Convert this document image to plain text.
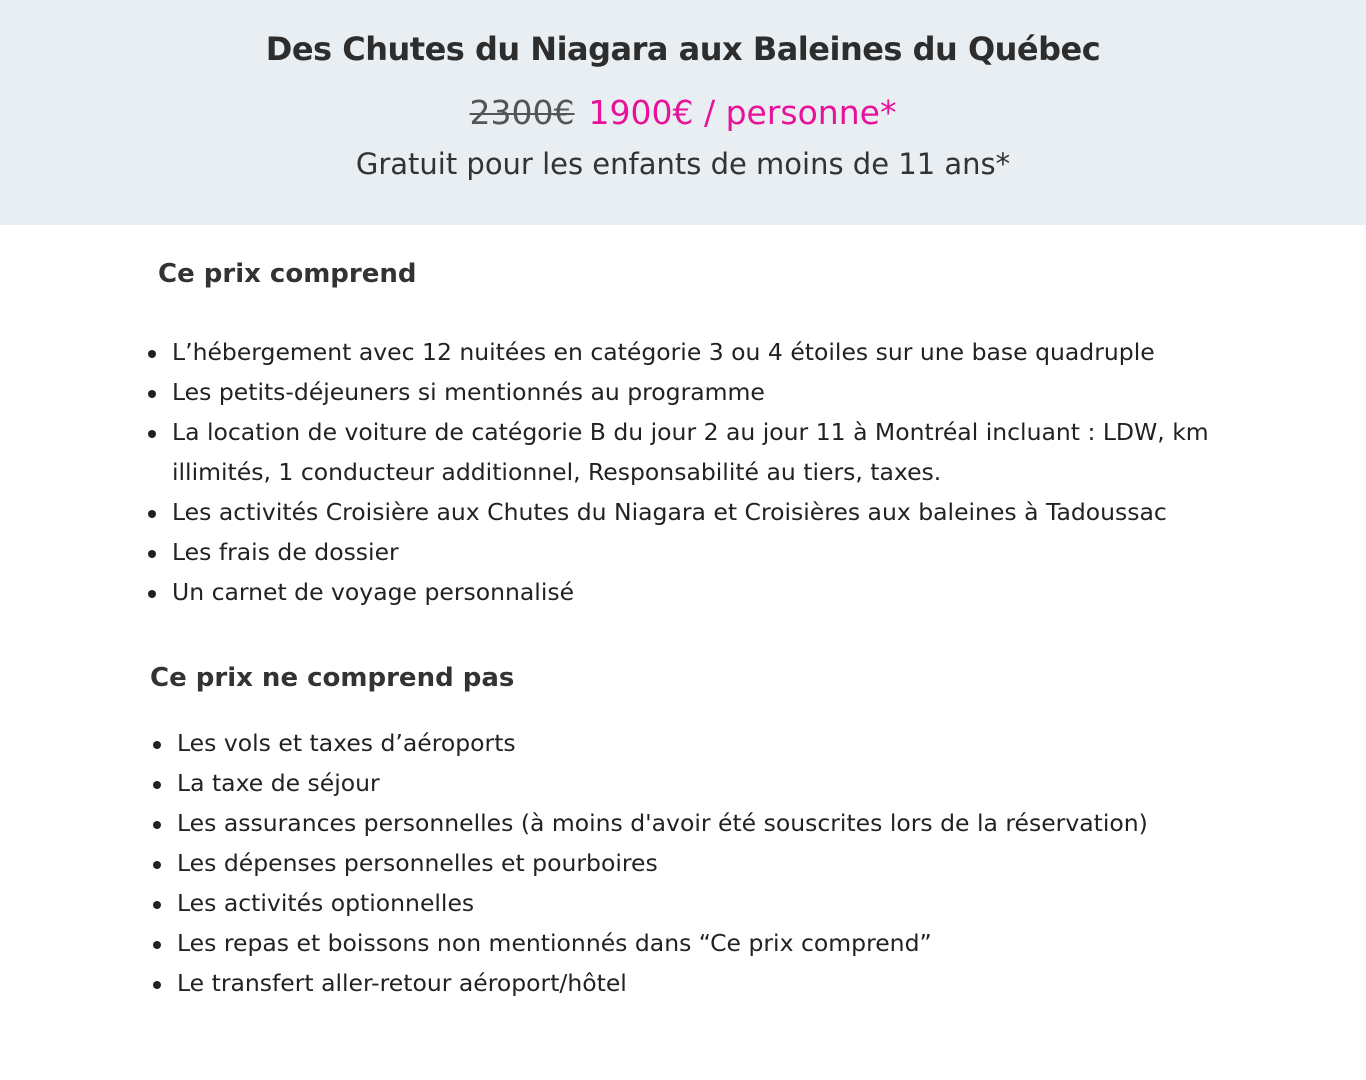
Des Chutes du Niagara aux Baleines du Québec
2300€ 1900€ / personne*
Gratuit pour les enfants de moins de 11 ans*
Ce prix comprend
L’hébergement avec 12 nuitées en catégorie 3 ou 4 étoiles sur une base quadruple
Les petits-déjeuners si mentionnés au programme
La location de voiture de catégorie B du jour 2 au jour 11 à Montréal incluant : LDW, km illimités, 1 conducteur additionnel, Responsabilité au tiers, taxes.
Les activités Croisière aux Chutes du Niagara et Croisières aux baleines à Tadoussac
Les frais de dossier
Un carnet de voyage personnalisé
Ce prix ne comprend pas
Les vols et taxes d’aéroports
La taxe de séjour
Les assurances personnelles (à moins d'avoir été souscrites lors de la réservation)
Les dépenses personnelles et pourboires
Les activités optionnelles
Les repas et boissons non mentionnés dans “Ce prix comprend”
Le transfert aller-retour aéroport/hôtel
